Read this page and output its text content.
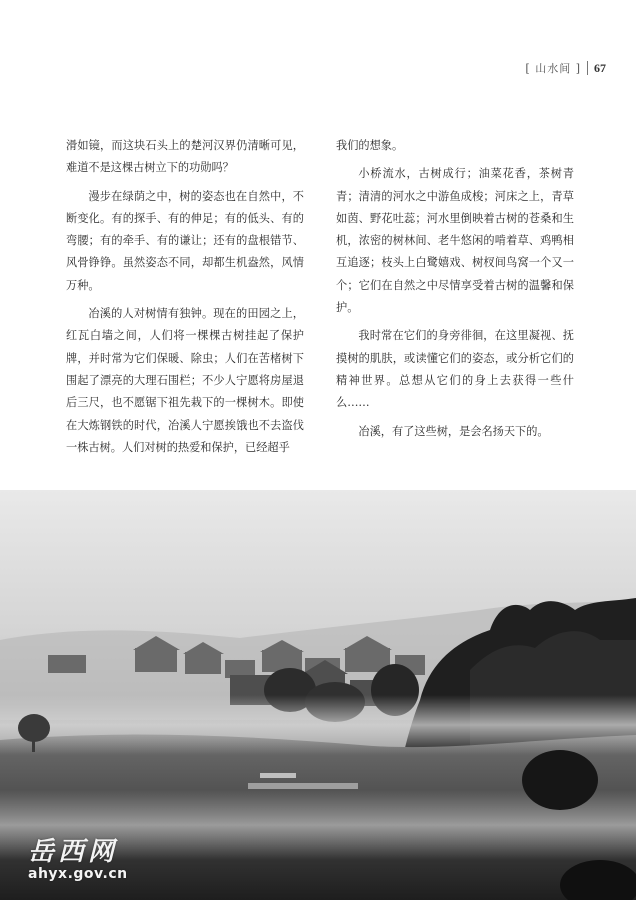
[ 山水间 ] 67

滑如镜，而这块石头上的楚河汉界仍清晰可见，难道不是这棵古树立下的功勋吗？

漫步在绿荫之中，树的姿态也在自然中，不断变化。有的探手、有的伸足；有的低头、有的弯腰；有的牵手、有的谦让；还有的盘根错节、风骨铮铮。虽然姿态不同，却都生机盎然，风情万种。

冶溪的人对树情有独钟。现在的田园之上，红瓦白墙之间，人们将一棵棵古树挂起了保护牌，并时常为它们保暖、除虫；人们在苦楮树下围起了漂亮的大理石围栏；不少人宁愿将房屋退后三尺，也不愿锯下祖先栽下的一棵树木。即使在大炼钢铁的时代，冶溪人宁愿挨饿也不去盗伐一株古树。人们对树的热爱和保护，已经超乎

我们的想象。

小桥流水，古树成行；油菜花香，茶树青青；清清的河水之中游鱼成梭；河床之上，青草如茵、野花吐蕊；河水里倒映着古树的苍桑和生机，浓密的树林间、老牛悠闲的啃着草、鸡鸭相互追逐；枝头上白鹭嬉戏、树杈间鸟窝一个又一个；它们在自然之中尽情享受着古树的温馨和保护。

我时常在它们的身旁徘徊，在这里凝视、抚摸树的肌肤，或读懂它们的姿态，或分析它们的精神世界。总想从它们的身上去获得一些什么……

冶溪，有了这些树，是会名扬天下的。

岳西网
ahyx.gov.cn
